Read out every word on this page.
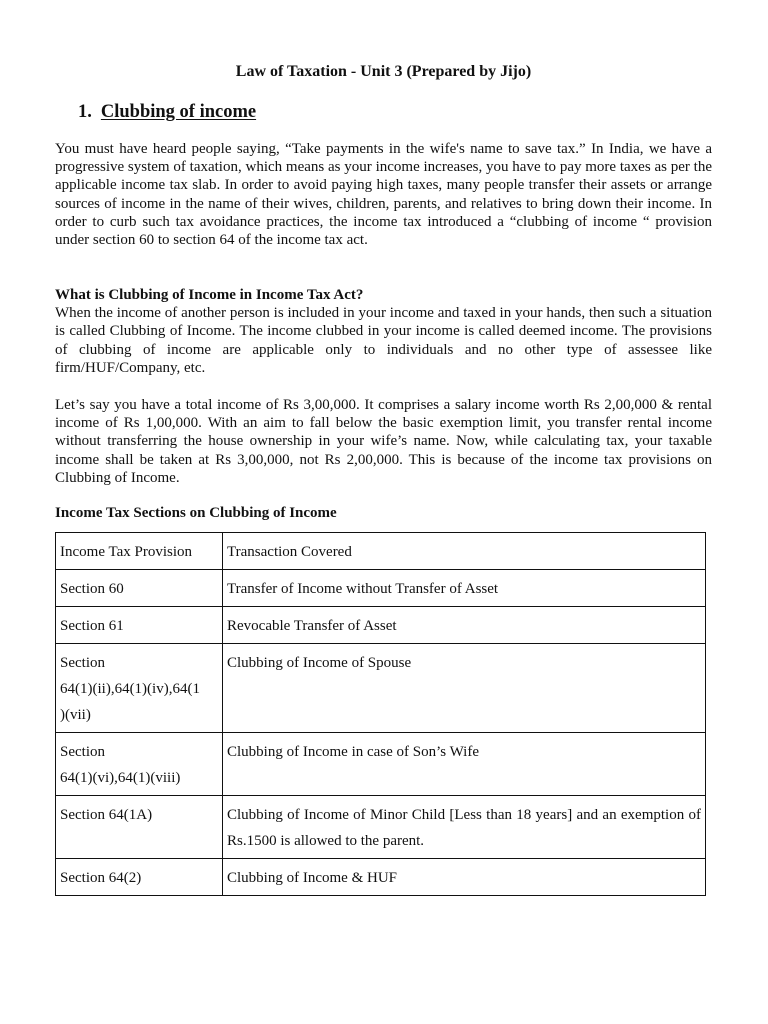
Law of Taxation - Unit 3 (Prepared by Jijo)
1. Clubbing of income

You must have heard people saying, “Take payments in the wife's name to save tax.” In India, we have a progressive system of taxation, which means as your income increases, you have to pay more taxes as per the applicable income tax slab. In order to avoid paying high taxes, many people transfer their assets or arrange sources of income in the name of their wives, children, parents, and relatives to bring down their income. In order to curb such tax avoidance practices, the income tax introduced a “clubbing of income “ provision under section 60 to section 64 of the income tax act.

What is Clubbing of Income in Income Tax Act?
When the income of another person is included in your income and taxed in your hands, then such a situation is called Clubbing of Income. The income clubbed in your income is called deemed income. The provisions of clubbing of income are applicable only to individuals and no other type of assessee like firm/HUF/Company, etc.

Let’s say you have a total income of Rs 3,00,000. It comprises a salary income worth Rs 2,00,000 & rental income of Rs 1,00,000. With an aim to fall below the basic exemption limit, you transfer rental income without transferring the house ownership in your wife’s name. Now, while calculating tax, your taxable income shall be taken at Rs 3,00,000, not Rs 2,00,000. This is because of the income tax provisions on Clubbing of Income.

Income Tax Sections on Clubbing of Income

Income Tax Provision	Transaction Covered

Section 60	Transfer of Income without Transfer of Asset

Section 61	Revocable Transfer of Asset

Section
64(1)(ii),64(1)(iv),64(1
)(vii)	Clubbing of Income of Spouse

Section
64(1)(vi),64(1)(viii)	Clubbing of Income in case of Son’s Wife

Section 64(1A)	Clubbing of Income of Minor Child [Less than 18 years] and an exemption of Rs.1500 is allowed to the parent.

Section 64(2)	Clubbing of Income & HUF
